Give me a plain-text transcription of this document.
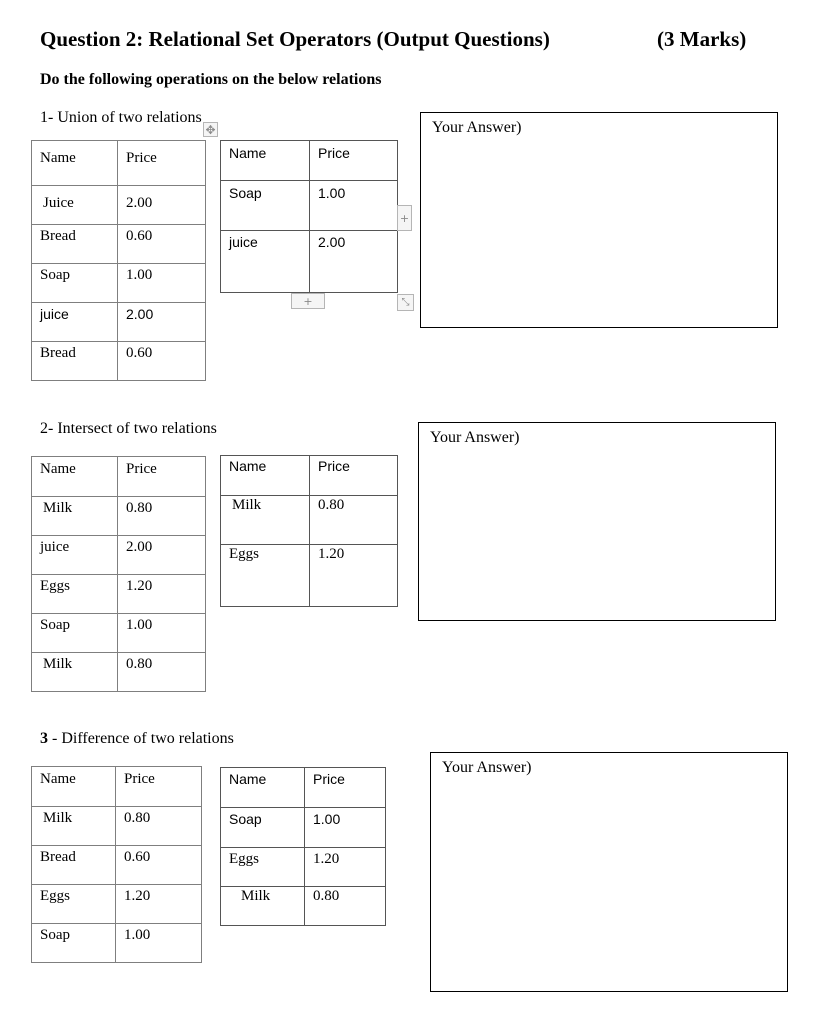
Question 2: Relational Set Operators (Output Questions)	(3 Marks)
Do the following operations on the below relations
1- Union of two relations
✥
Name	Price

Juice	2.00

Bread	0.60

Soap	1.00

juice	2.00

Bread	0.60
Name	Price

Soap	1.00

juice	2.00
+
+	⤡
Your Answer)
2- Intersect of two relations
Name	Price

Milk	0.80

juice	2.00

Eggs	1.20

Soap	1.00

Milk	0.80
Name	Price

Milk	0.80

Eggs	1.20
Your Answer)
3 - Difference of two relations
Name	Price

Milk	0.80

Bread	0.60

Eggs	1.20

Soap	1.00
Name	Price

Soap	1.00

Eggs	1.20

Milk	0.80
Your Answer)
